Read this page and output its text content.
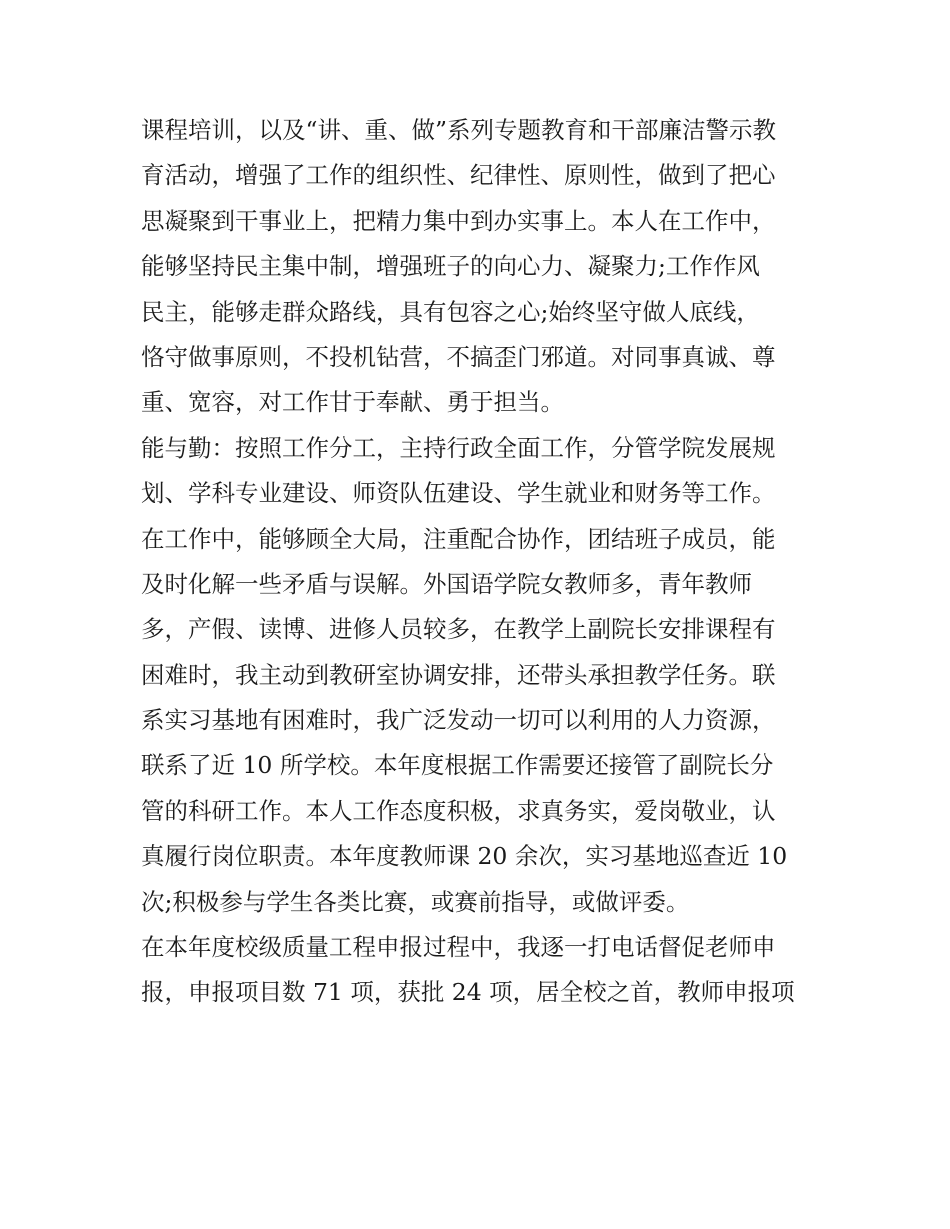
课程培训，以及“讲、重、做”系列专题教育和干部廉洁警示教
育活动，增强了工作的组织性、纪律性、原则性，做到了把心
思凝聚到干事业上，把精力集中到办实事上。本人在工作中，
能够坚持民主集中制，增强班子的向心力、凝聚力;工作作风
民主，能够走群众路线，具有包容之心;始终坚守做人底线，
恪守做事原则，不投机钻营，不搞歪门邪道。对同事真诚、尊
重、宽容，对工作甘于奉献、勇于担当。
能与勤：按照工作分工，主持行政全面工作，分管学院发展规
划、学科专业建设、师资队伍建设、学生就业和财务等工作。
在工作中，能够顾全大局，注重配合协作，团结班子成员，能
及时化解一些矛盾与误解。外国语学院女教师多，青年教师
多，产假、读博、进修人员较多，在教学上副院长安排课程有
困难时，我主动到教研室协调安排，还带头承担教学任务。联
系实习基地有困难时，我广泛发动一切可以利用的人力资源，
联系了近 10 所学校。本年度根据工作需要还接管了副院长分
管的科研工作。本人工作态度积极，求真务实，爱岗敬业，认
真履行岗位职责。本年度教师课 20 余次，实习基地巡查近 10
次;积极参与学生各类比赛，或赛前指导，或做评委。
在本年度校级质量工程申报过程中，我逐一打电话督促老师申
报，申报项目数 71 项，获批 24 项，居全校之首，教师申报项
